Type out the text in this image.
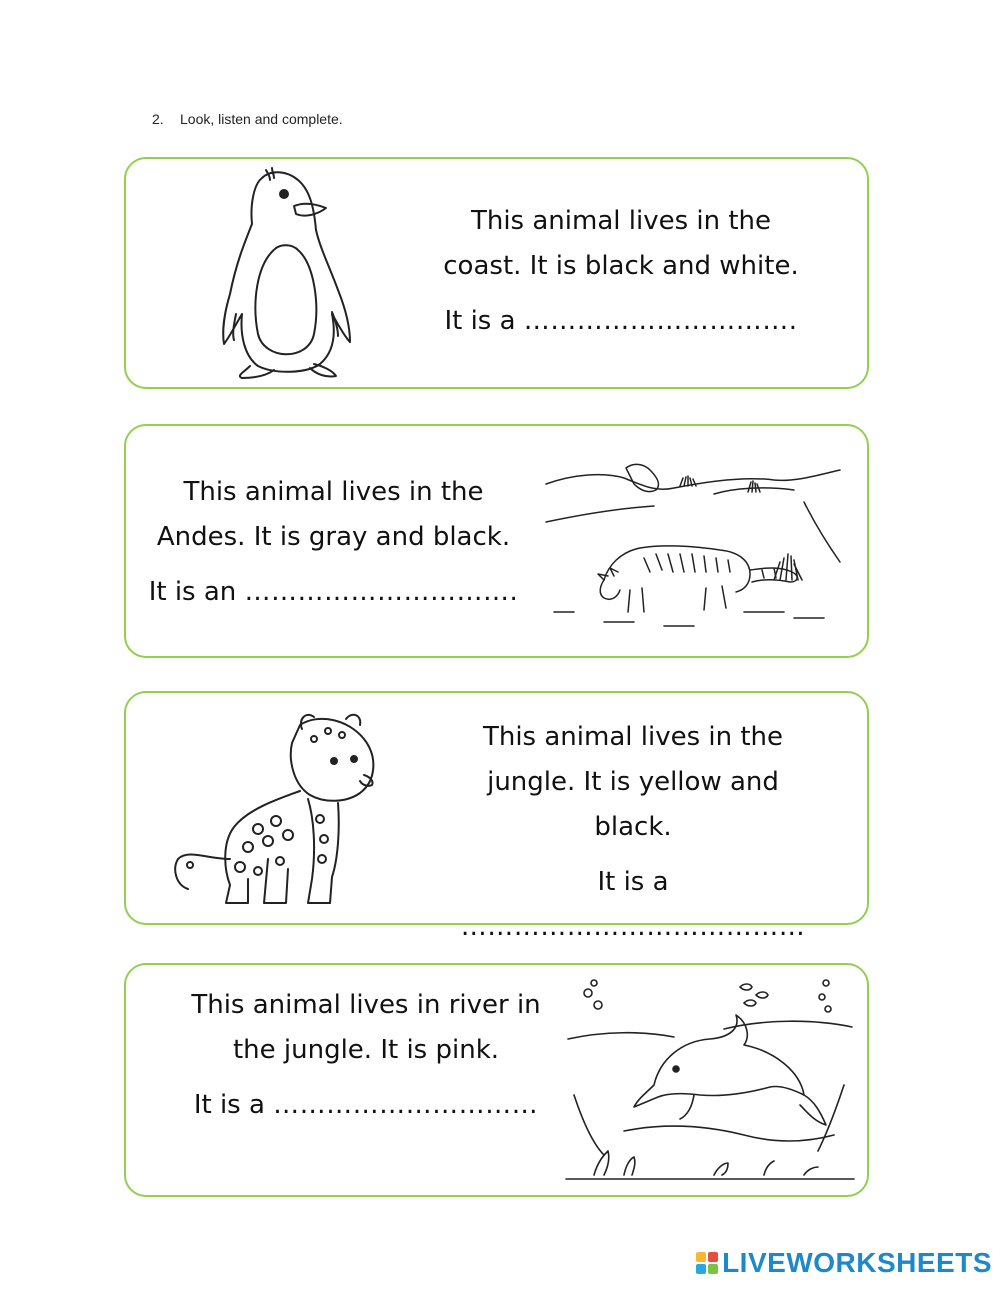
2. Look, listen and complete.
This animal lives in the
coast. It is black and white.
It is a ………………………….
This animal lives in the
Andes. It is gray and black.
It is an ………………………….
This animal lives in the
jungle. It is yellow and
black.
It is a …………………………………
This animal lives in river in
the jungle. It is pink.
It is a …………………………
LIVEWORKSHEETS
